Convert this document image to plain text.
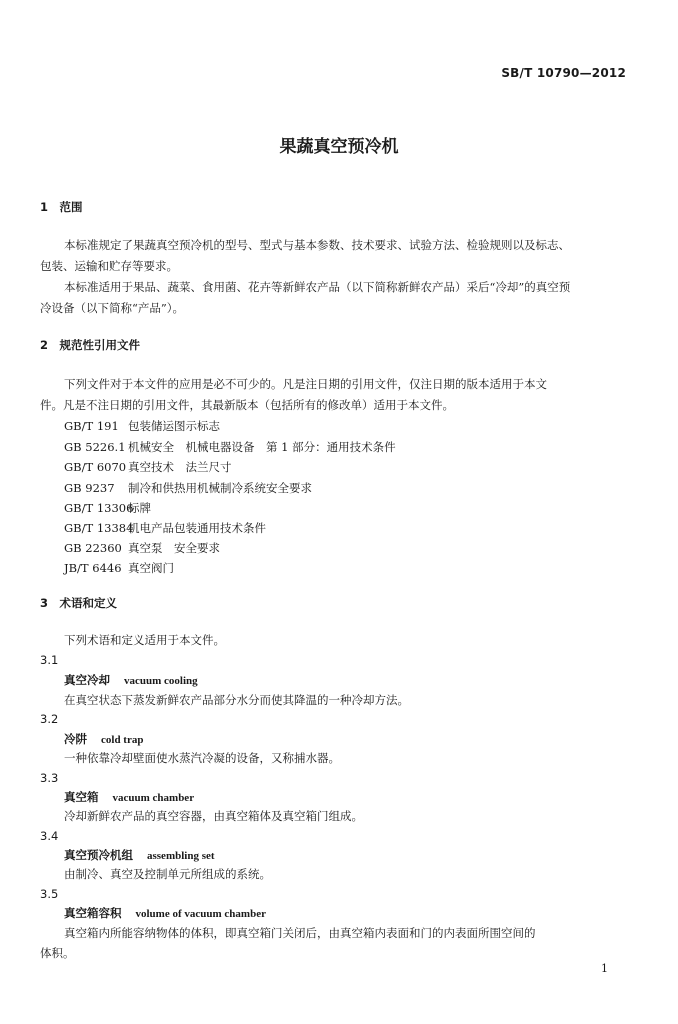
SB/T 10790—2012
果蔬真空预冷机
1　范围
本标准规定了果蔬真空预冷机的型号、型式与基本参数、技术要求、试验方法、检验规则以及标志、
包装、运输和贮存等要求。
本标准适用于果品、蔬菜、食用菌、花卉等新鲜农产品（以下简称新鲜农产品）采后“冷却”的真空预
冷设备（以下简称“产品”）。
2　规范性引用文件
下列文件对于本文件的应用是必不可少的。凡是注日期的引用文件，仅注日期的版本适用于本文
件。凡是不注日期的引用文件，其最新版本（包括所有的修改单）适用于本文件。
GB/T 191 包装储运图示标志
GB 5226.1 机械安全　机械电器设备　第 1 部分：通用技术条件
GB/T 6070 真空技术　法兰尺寸
GB 9237 制冷和供热用机械制冷系统安全要求
GB/T 13306标牌
GB/T 13384机电产品包装通用技术条件
GB 22360 真空泵　安全要求
JB/T 6446 真空阀门
3　术语和定义
下列术语和定义适用于本文件。
3.1
真空冷却 vacuum cooling
在真空状态下蒸发新鲜农产品部分水分而使其降温的一种冷却方法。
3.2
冷阱 cold trap
一种依靠冷却壁面使水蒸汽冷凝的设备，又称捕水器。
3.3
真空箱 vacuum chamber
冷却新鲜农产品的真空容器，由真空箱体及真空箱门组成。
3.4
真空预冷机组 assembling set
由制冷、真空及控制单元所组成的系统。
3.5
真空箱容积 volume of vacuum chamber
真空箱内所能容纳物体的体积，即真空箱门关闭后，由真空箱内表面和门的内表面所围空间的
体积。
1
